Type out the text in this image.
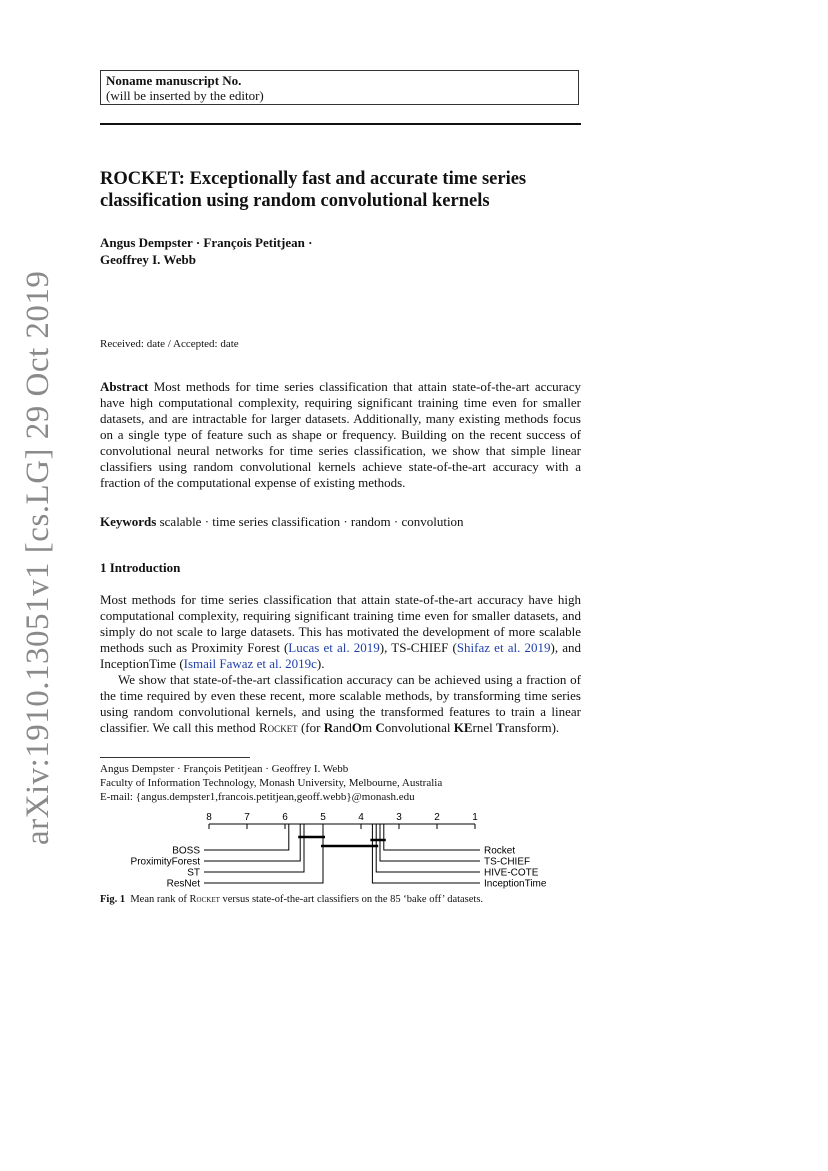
Noname manuscript No.
(will be inserted by the editor)
ROCKET: Exceptionally fast and accurate time series
classification using random convolutional kernels
Angus Dempster · François Petitjean ·
Geoffrey I. Webb
Received: date / Accepted: date
Abstract Most methods for time series classification that attain state-of-the-art accuracy have high computational complexity, requiring significant training time even for smaller datasets, and are intractable for larger datasets. Additionally, many existing methods focus on a single type of feature such as shape or frequency. Building on the recent success of convolutional neural networks for time series classification, we show that simple linear classifiers using random convolutional kernels achieve state-of-the-art accuracy with a fraction of the computational expense of existing methods.
Keywords scalable · time series classification · random · convolution
1 Introduction
Most methods for time series classification that attain state-of-the-art accuracy have high computational complexity, requiring significant training time even for smaller datasets, and simply do not scale to large datasets. This has motivated the development of more scalable methods such as Proximity Forest (Lucas et al. 2019), TS-CHIEF (Shifaz et al. 2019), and InceptionTime (Ismail Fawaz et al. 2019c).
We show that state-of-the-art classification accuracy can be achieved using a fraction of the time required by even these recent, more scalable methods, by transforming time series using random convolutional kernels, and using the transformed features to train a linear classifier. We call this method Rocket (for RandOm Convolutional KErnel Transform).
Angus Dempster · François Petitjean · Geoffrey I. Webb
Faculty of Information Technology, Monash University, Melbourne, Australia
E-mail: {angus.dempster1,francois.petitjean,geoff.webb}@monash.edu
8	7	6	5	4	3	2	1
BOSS
ProximityForest
ST
ResNet
Rocket
TS-CHIEF
HIVE-COTE
InceptionTime
Fig. 1 Mean rank of Rocket versus state-of-the-art classifiers on the 85 ‘bake off’ datasets.
arXiv:1910.13051v1 [cs.LG] 29 Oct 2019
